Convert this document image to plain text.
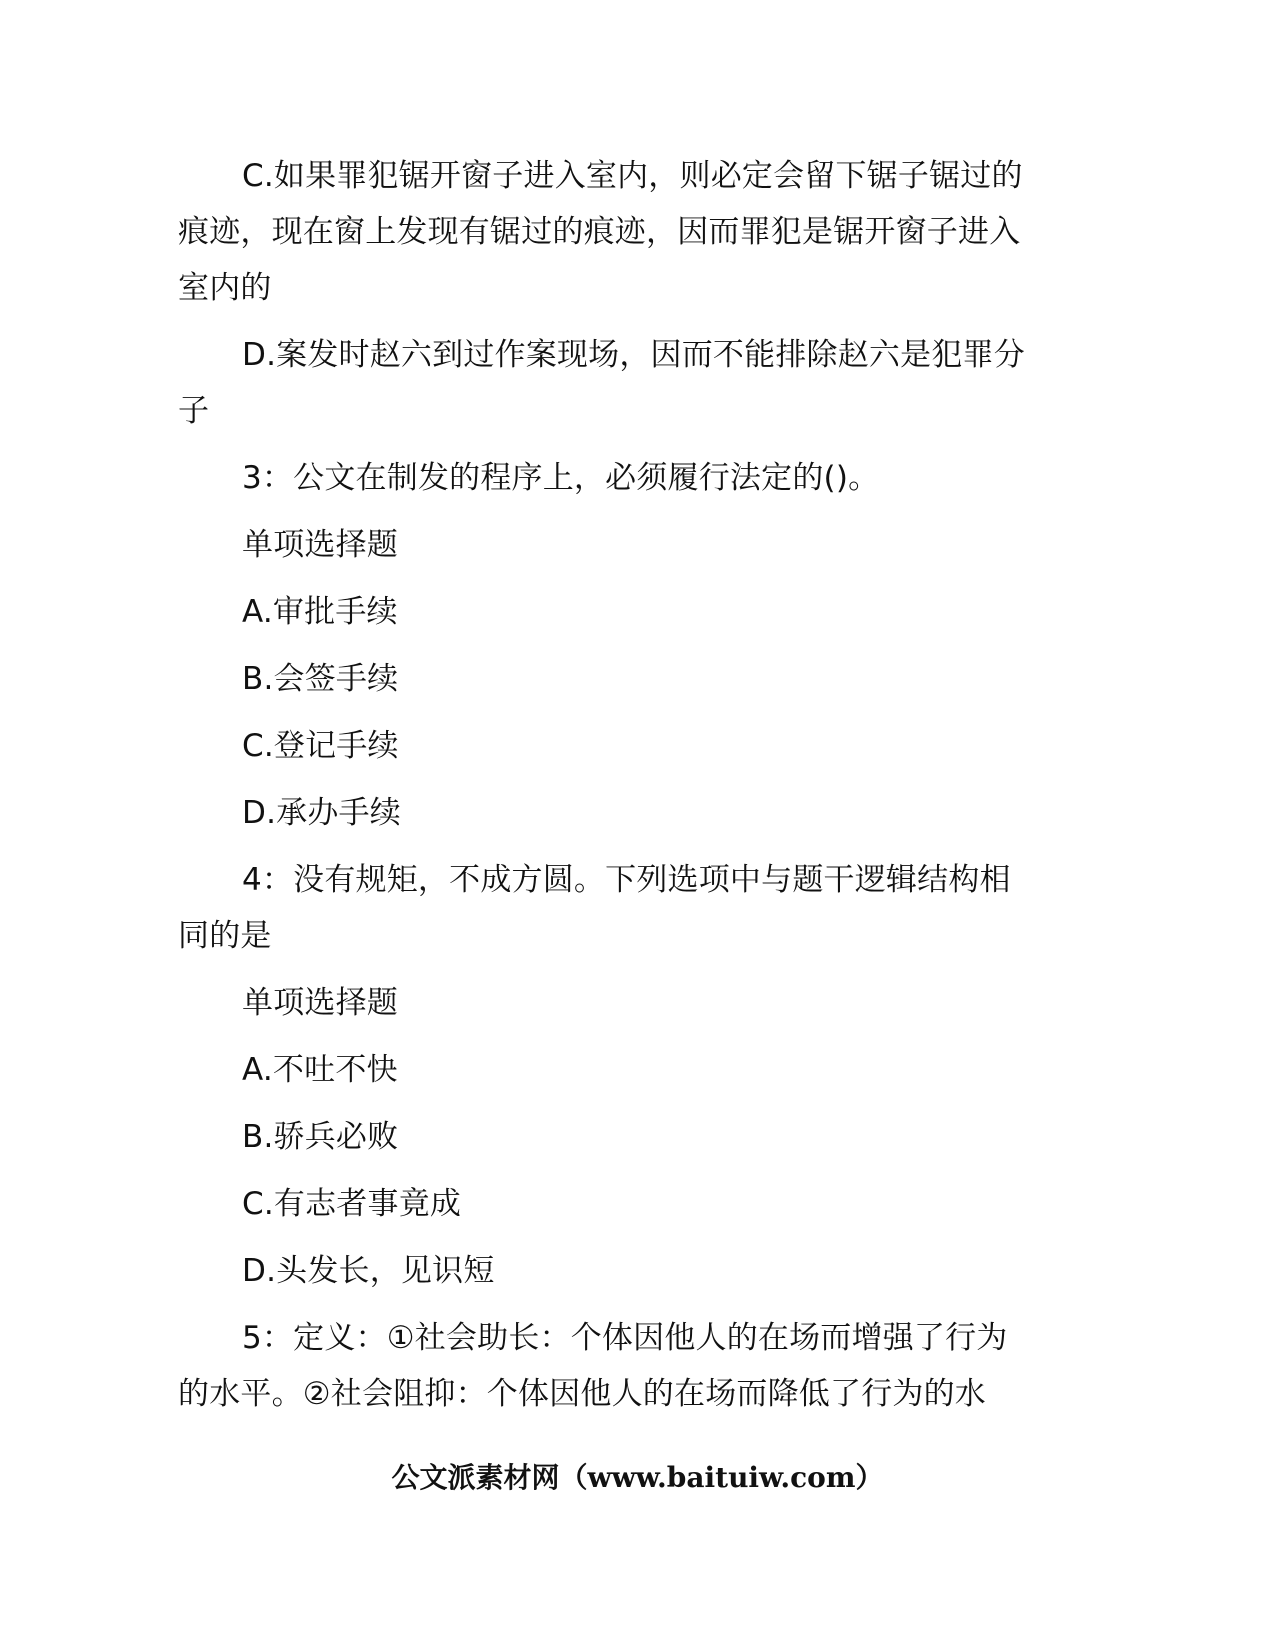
C.如果罪犯锯开窗子进入室内，则必定会留下锯子锯过的痕迹，现在窗上发现有锯过的痕迹，因而罪犯是锯开窗子进入室内的

D.案发时赵六到过作案现场，因而不能排除赵六是犯罪分子

3：公文在制发的程序上，必须履行法定的()。

单项选择题

A.审批手续

B.会签手续

C.登记手续

D.承办手续

4：没有规矩，不成方圆。下列选项中与题干逻辑结构相同的是

单项选择题

A.不吐不快

B.骄兵必败

C.有志者事竟成

D.头发长，见识短

5：定义：①社会助长：个体因他人的在场而增强了行为的水平。②社会阻抑：个体因他人的在场而降低了行为的水

公文派素材网（www.baituiw.com）
